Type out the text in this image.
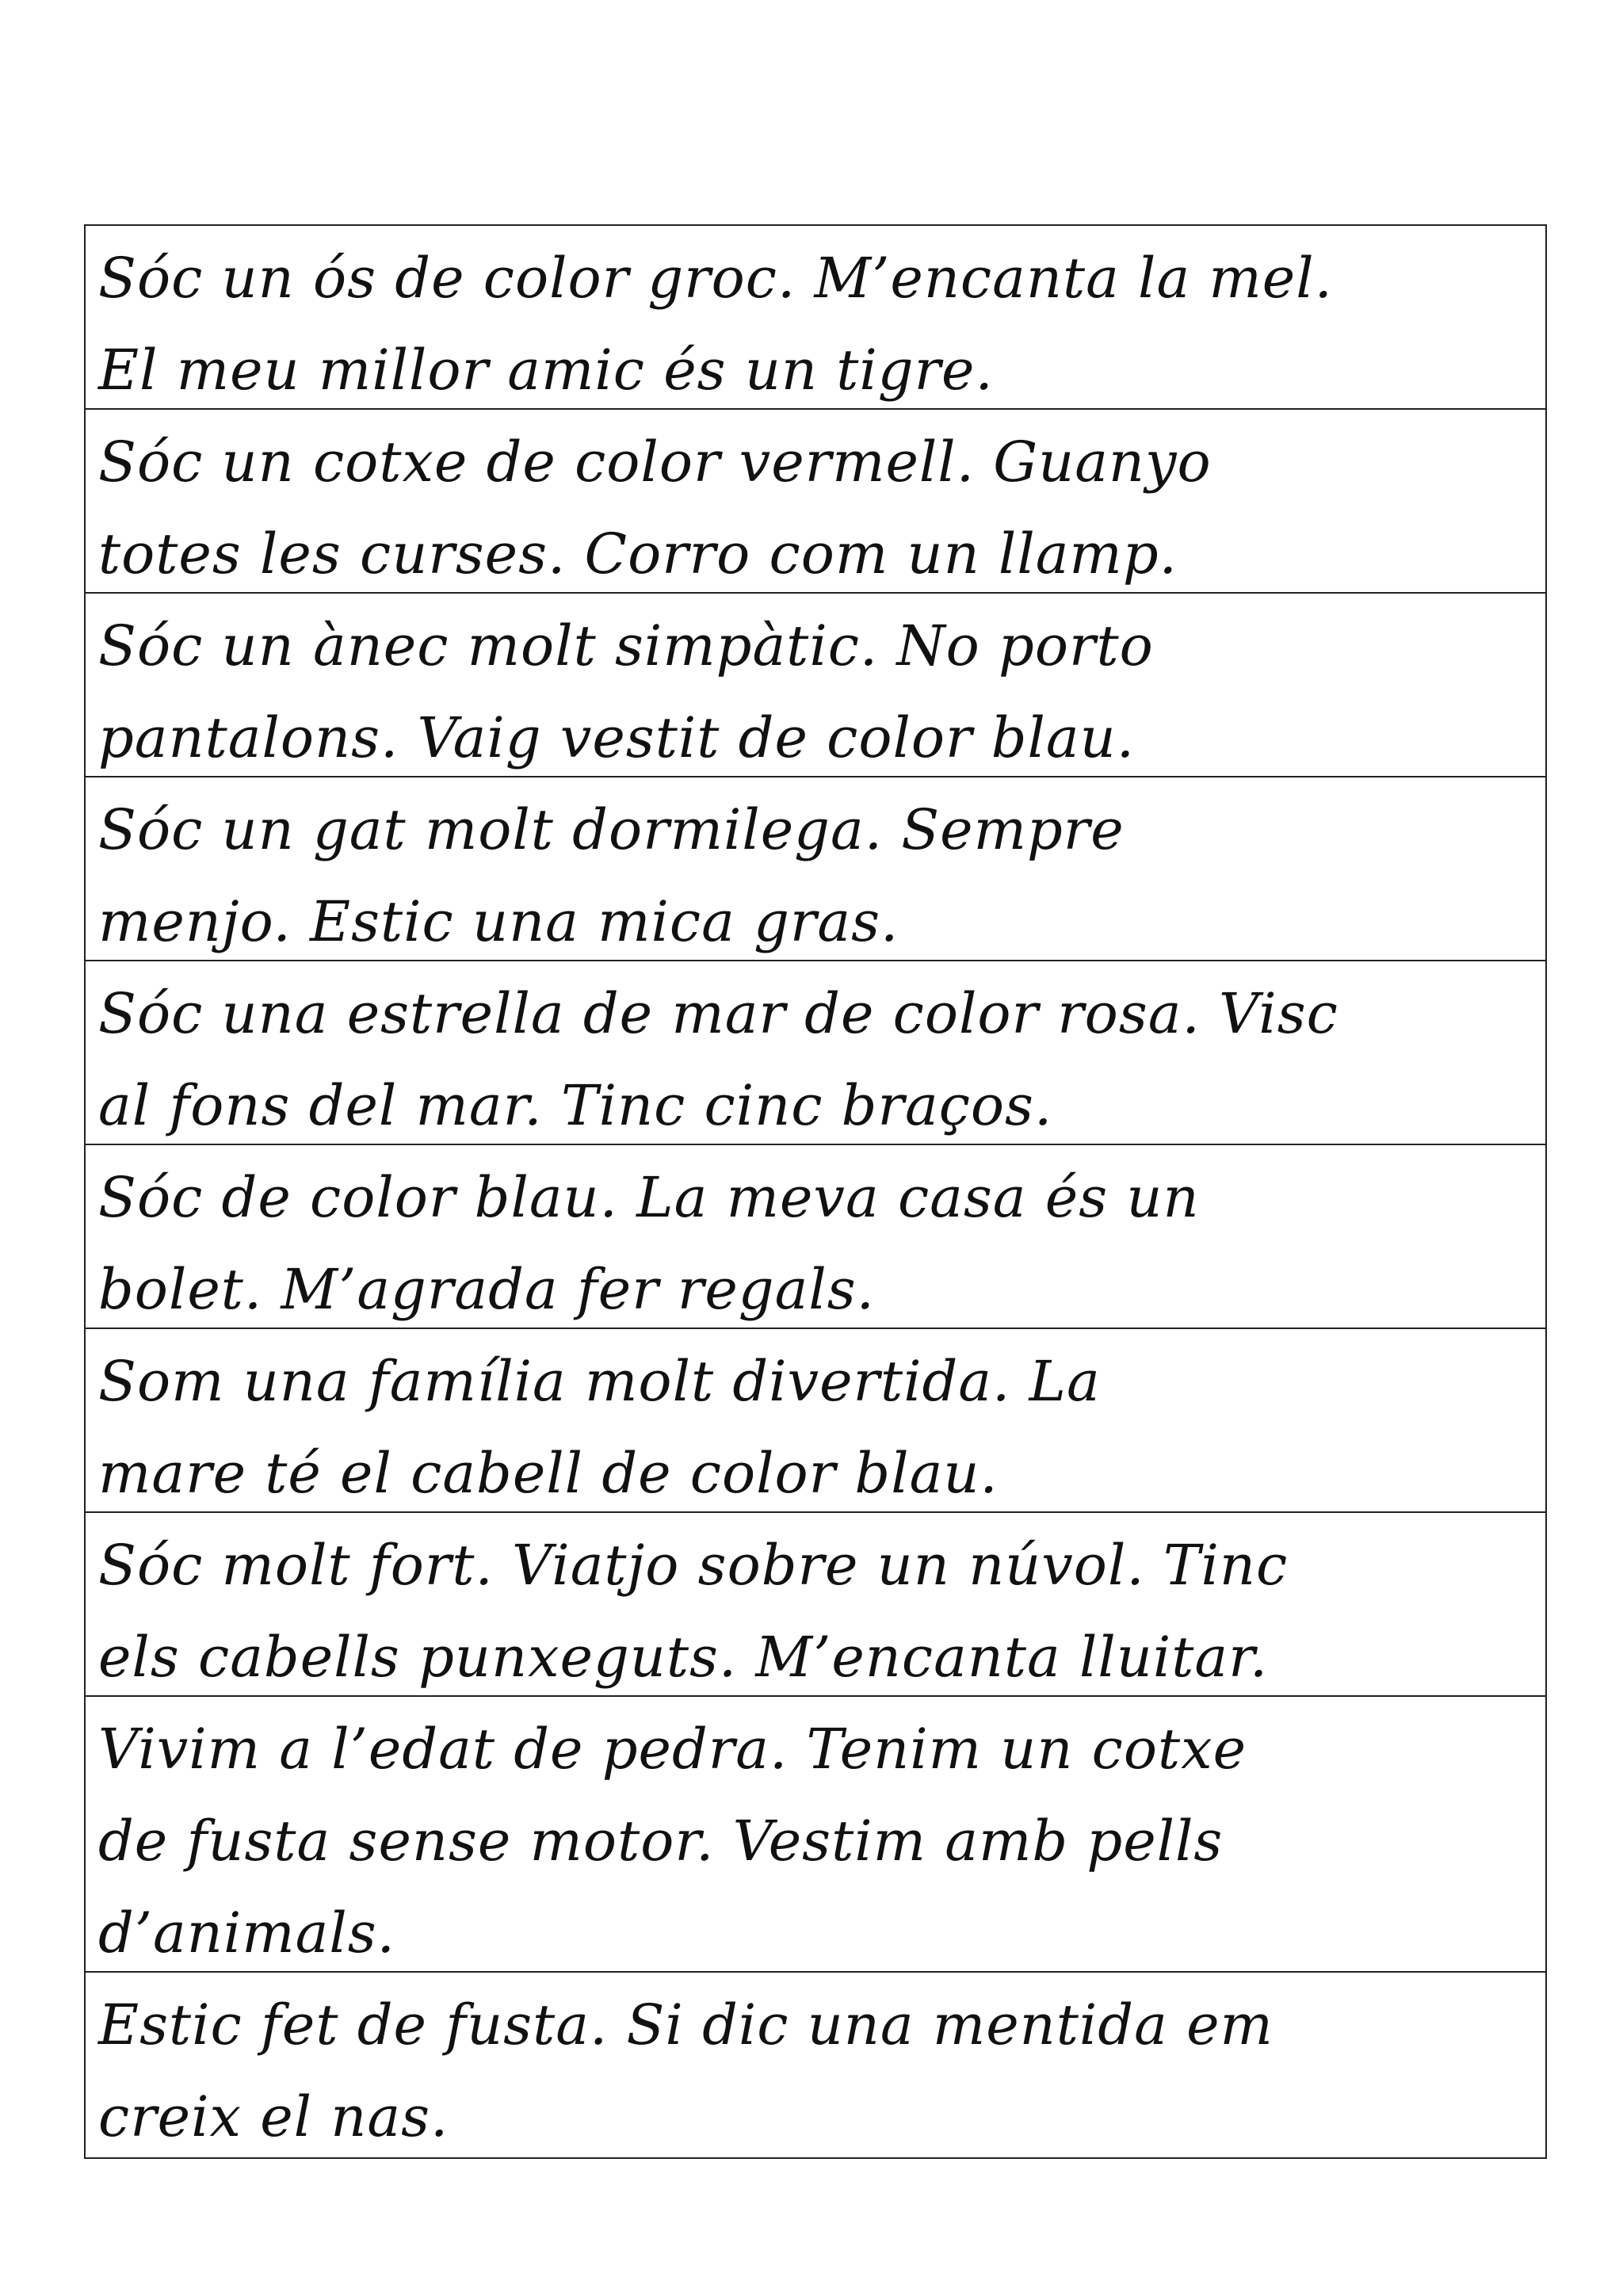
Sóc un ós de color groc. M’encanta la mel.
El meu millor amic és un tigre.
Sóc un cotxe de color vermell. Guanyo
totes les curses. Corro com un llamp.
Sóc un ànec molt simpàtic. No porto
pantalons. Vaig vestit de color blau.
Sóc un gat molt dormilega. Sempre
menjo. Estic una mica gras.
Sóc una estrella de mar de color rosa. Visc
al fons del mar. Tinc cinc braços.
Sóc de color blau. La meva casa és un
bolet. M’agrada fer regals.
Som una família molt divertida. La
mare té el cabell de color blau.
Sóc molt fort. Viatjo sobre un núvol. Tinc
els cabells punxeguts. M’encanta lluitar.
Vivim a l’edat de pedra. Tenim un cotxe
de fusta sense motor. Vestim amb pells
d’animals.
Estic fet de fusta. Si dic una mentida em
creix el nas.
